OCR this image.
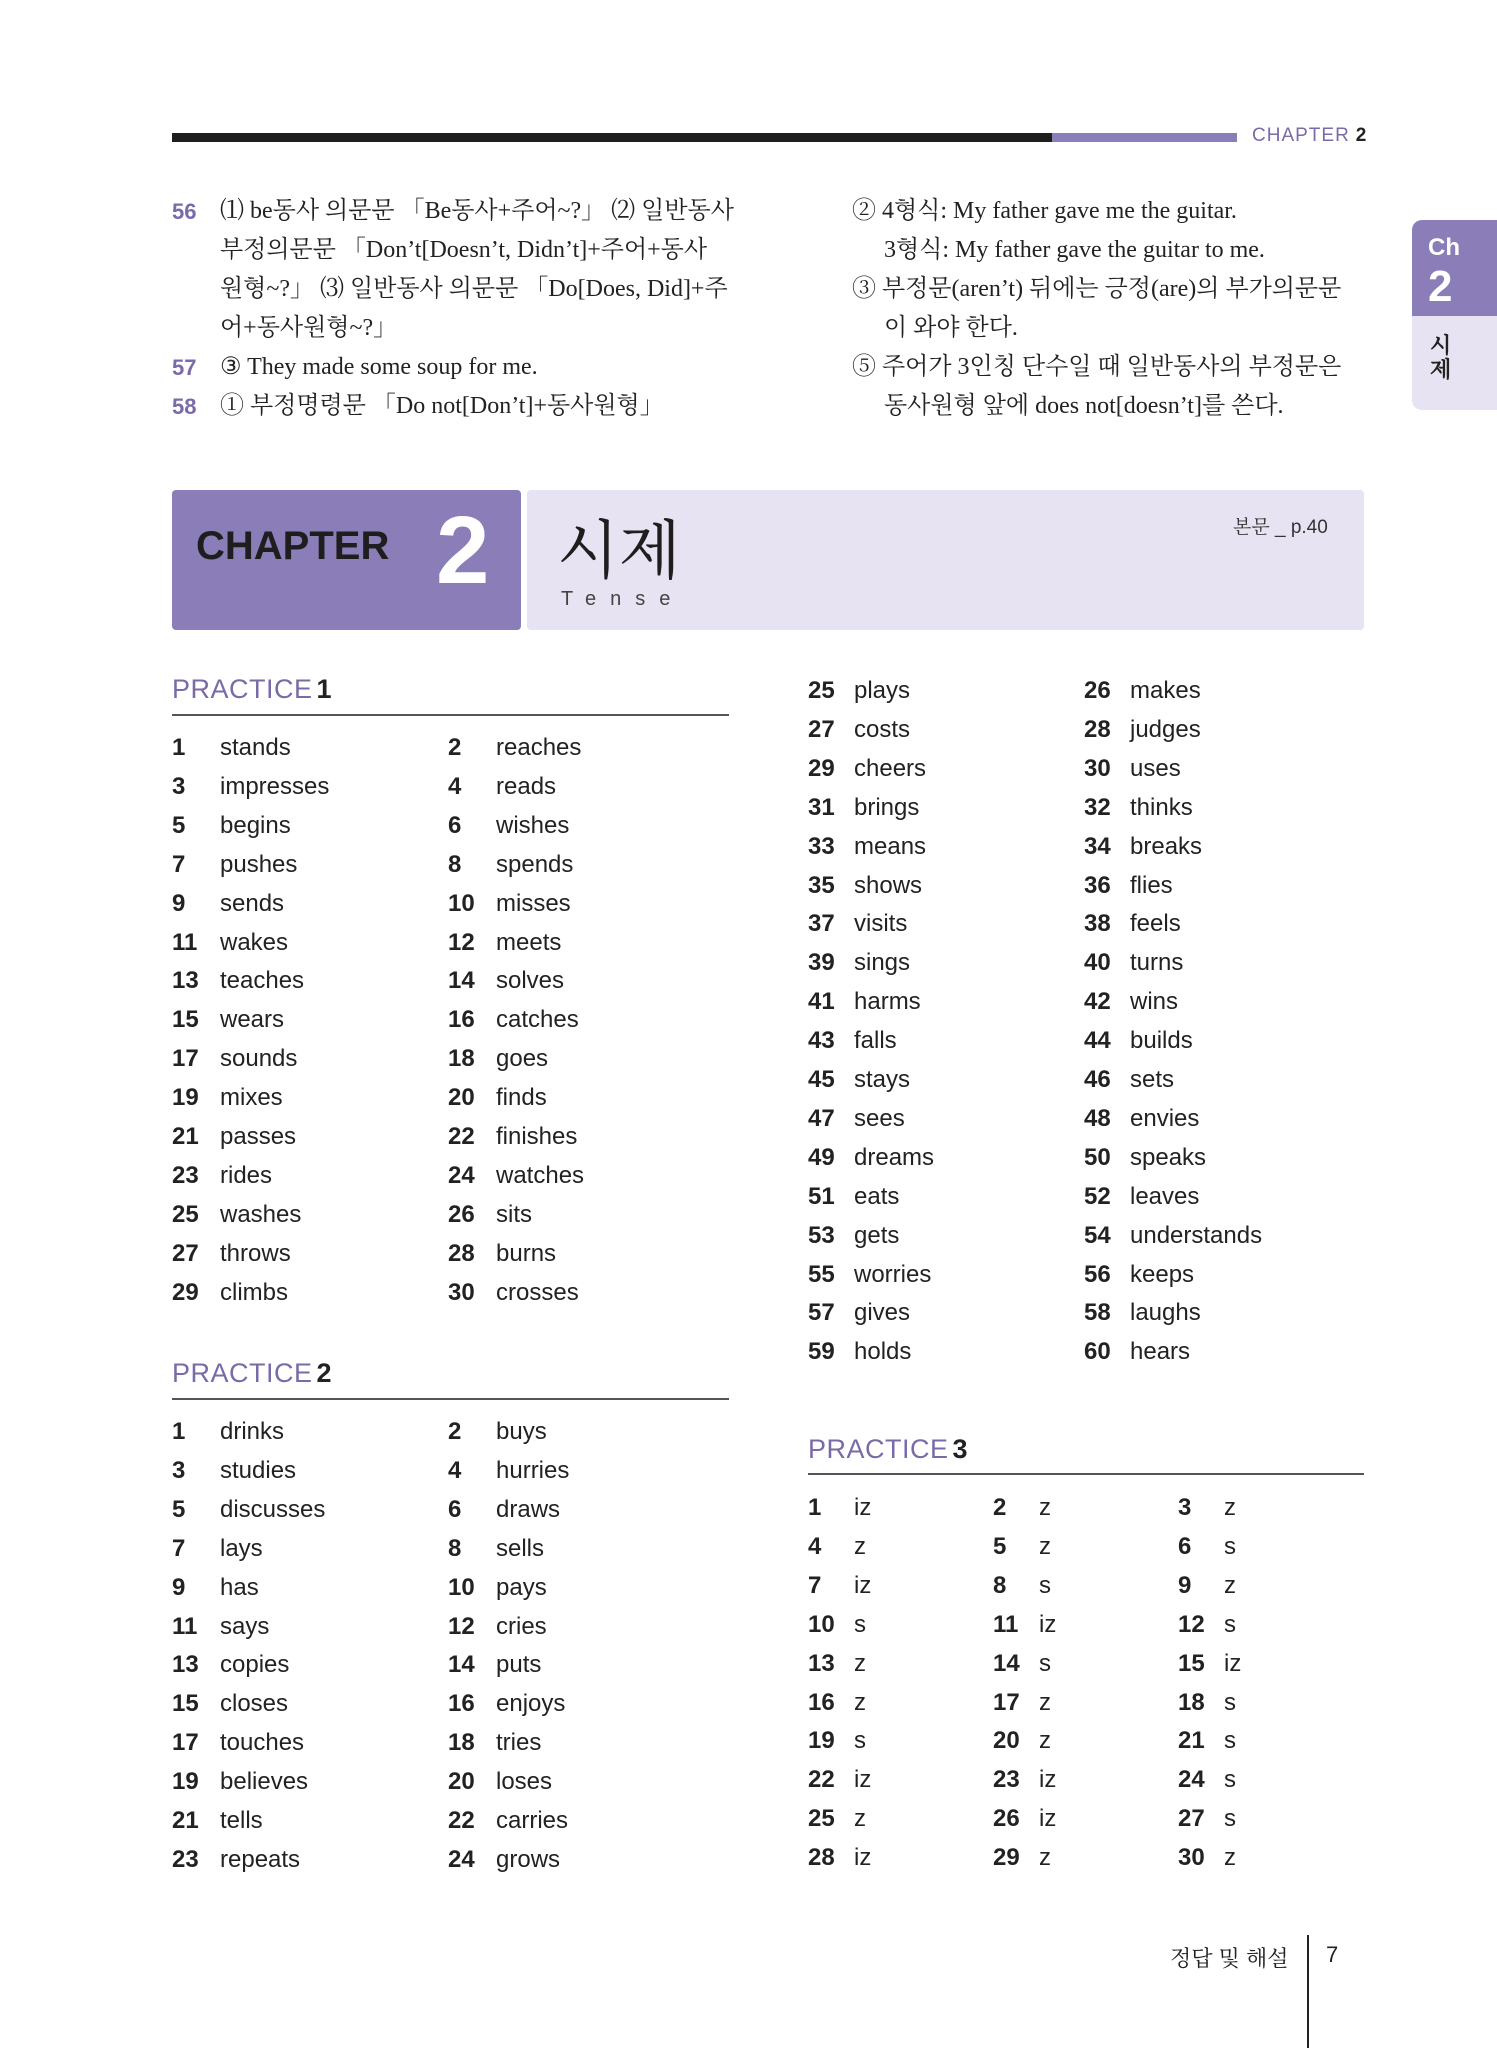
CHAPTER 2
Ch
2
시
제
56 ⑴ be동사 의문문 「Be동사+주어~?」 ⑵ 일반동사
부정의문문 「Don’t[Doesn’t, Didn’t]+주어+동사
원형~?」 ⑶ 일반동사 의문문 「Do[Does, Did]+주
어+동사원형~?」
57 ③ They made some soup for me.
58 ① 부정명령문 「Do not[Don’t]+동사원형」
② 4형식: My father gave me the guitar.
3형식: My father gave the guitar to me.
③ 부정문(aren’t) 뒤에는 긍정(are)의 부가의문문
이 와야 한다.
⑤ 주어가 3인칭 단수일 때 일반동사의 부정문은
동사원형 앞에 does not[doesn’t]를 쓴다.
CHAPTER 2 시제
Tense
본문 _ p.40
PRACTICE 1
1 stands	2 reaches
3 impresses	4 reads
5 begins	6 wishes
7 pushes	8 spends
9 sends	10 misses
11 wakes	12 meets
13 teaches	14 solves
15 wears	16 catches
17 sounds	18 goes
19 mixes	20 finds
21 passes	22 finishes
23 rides	24 watches
25 washes	26 sits
27 throws	28 burns
29 climbs	30 crosses
PRACTICE 2
1 drinks	2 buys
3 studies	4 hurries
5 discusses	6 draws
7 lays	8 sells
9 has	10 pays
11 says	12 cries
13 copies	14 puts
15 closes	16 enjoys
17 touches	18 tries
19 believes	20 loses
21 tells	22 carries
23 repeats	24 grows
25 plays	26 makes
27 costs	28 judges
29 cheers	30 uses
31 brings	32 thinks
33 means	34 breaks
35 shows	36 flies
37 visits	38 feels
39 sings	40 turns
41 harms	42 wins
43 falls	44 builds
45 stays	46 sets
47 sees	48 envies
49 dreams	50 speaks
51 eats	52 leaves
53 gets	54 understands
55 worries	56 keeps
57 gives	58 laughs
59 holds	60 hears
PRACTICE 3
1 iz	2 z	3 z
4 z	5 z	6 s
7 iz	8 s	9 z
10 s	11 iz	12 s
13 z	14 s	15 iz
16 z	17 z	18 s
19 s	20 z	21 s
22 iz	23 iz	24 s
25 z	26 iz	27 s
28 iz	29 z	30 z
정답 및 해설 7
